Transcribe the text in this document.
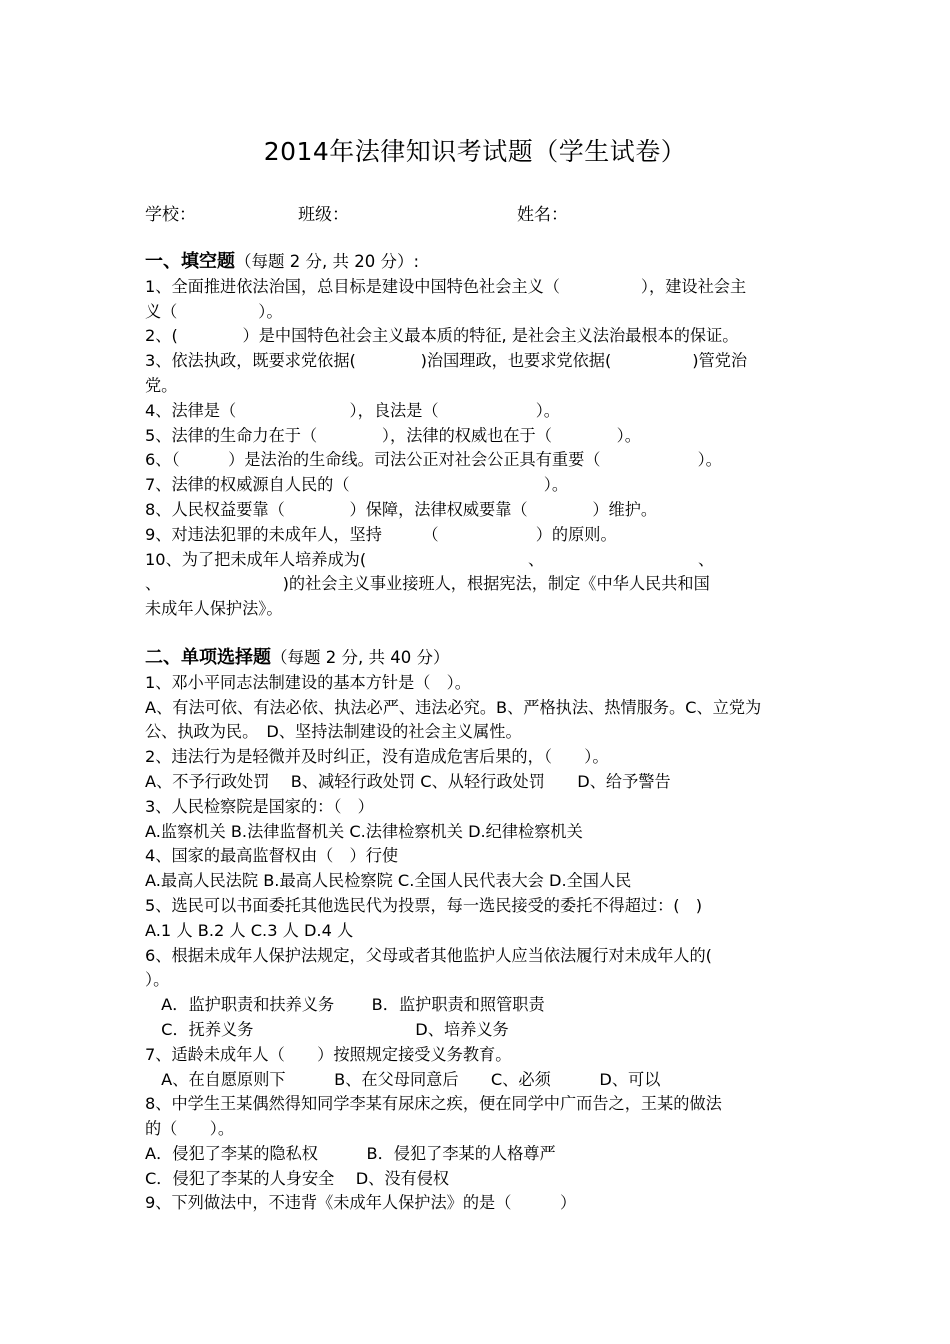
2014年法律知识考试题（学生试卷）
学校：	班级：	姓名：
一、填空题（每题 2 分, 共 20 分）:
1、全面推进依法治国，总目标是建设中国特色社会主义（　　　　　），建设社会主
义（　　　　　）。
2、(　　　　）是中国特色社会主义最本质的特征, 是社会主义法治最根本的保证。
3、依法执政，既要求党依据(　　　　)治国理政，也要求党依据(　　　　　)管党治
党。
4、法律是（　　　　　　　），良法是（　　　　　　）。
5、法律的生命力在于（　　　　），法律的权威也在于（　　　　）。
6、（　　　）是法治的生命线。司法公正对社会公正具有重要（　　　　　　）。
7、法律的权威源自人民的（　　　　　　　　　　　　）。
8、人民权益要靠（　　　　）保障，法律权威要靠（　　　　）维护。
9、对违法犯罪的未成年人，坚持　　　（　　　　　　）的原则。
10、为了把未成年人培养成为(　　　　　　　　　　、　　　　　　　　　　、
、　　　　　　　　)的社会主义事业接班人，根据宪法，制定《中华人民共和国
未成年人保护法》。
二、单项选择题（每题 2 分, 共 40 分）
1、邓小平同志法制建设的基本方针是（　）。
A、有法可依、有法必依、执法必严、违法必究。B、严格执法、热情服务。C、立党为
公、执政为民。　D、坚持法制建设的社会主义属性。
2、违法行为是轻微并及时纠正，没有造成危害后果的，（　　）。
A、不予行政处罚　 B、减轻行政处罚 C、从轻行政处罚　　D、给予警告
3、人民检察院是国家的：（　）
A.监察机关 B.法律监督机关 C.法律检察机关 D.纪律检察机关
4、国家的最高监督权由（　）行使
A.最高人民法院 B.最高人民检察院 C.全国人民代表大会 D.全国人民
5、选民可以书面委托其他选民代为投票，每一选民接受的委托不得超过：(　)
A.1 人 B.2 人 C.3 人 D.4 人
6、根据未成年人保护法规定，父母或者其他监护人应当依法履行对未成年人的(
）。
　A．监护职责和扶养义务　　 B．监护职责和照管职责
　C．抚养义务　　　　　　　　　　D、培养义务
7、适龄未成年人（　　）按照规定接受义务教育。
　A、在自愿原则下　　　B、在父母同意后　　C、必须　　　D、可以
8、中学生王某偶然得知同学李某有尿床之疾，便在同学中广而告之，王某的做法
的（　　）。
A．侵犯了李某的隐私权　　　B．侵犯了李某的人格尊严
C．侵犯了李某的人身安全　 D、没有侵权
9、下列做法中，不违背《未成年人保护法》的是（　　　）
